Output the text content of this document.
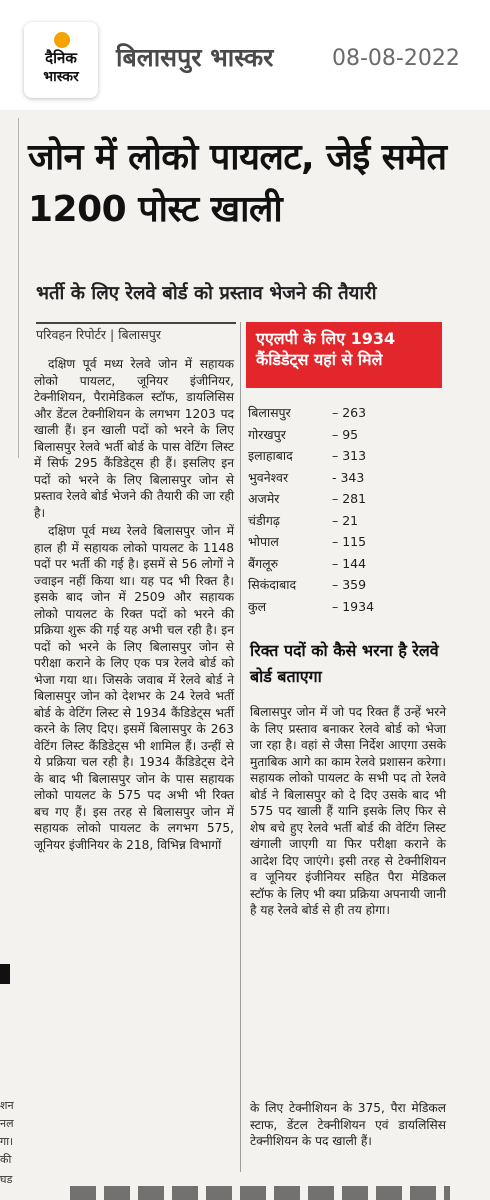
दैनिक
भास्कर
बिलासपुर भास्कर	08-08-2022
जोन में लोको पायलट, जेई समेत 1200 पोस्ट खाली
भर्ती के लिए रेलवे बोर्ड को प्रस्ताव भेजने की तैयारी
परिवहन रिपोर्टर | बिलासपुर

दक्षिण पूर्व मध्य रेलवे जोन में सहायक लोको पायलट, जूनियर इंजीनियर, टेक्नीशियन, पैरामेडिकल स्टॉफ, डायलिसिस और डेंटल टेक्नीशियन के लगभग 1203 पद खाली हैं। इन खाली पदों को भरने के लिए बिलासपुर रेलवे भर्ती बोर्ड के पास वेटिंग लिस्ट में सिर्फ 295 कैंडिडेट्स ही हैं। इसलिए इन पदों को भरने के लिए बिलासपुर जोन से प्रस्ताव रेलवे बोर्ड भेजने की तैयारी की जा रही है।

दक्षिण पूर्व मध्य रेलवे बिलासपुर जोन में हाल ही में सहायक लोको पायलट के 1148 पदों पर भर्ती की गई है। इसमें से 56 लोगों ने ज्वाइन नहीं किया था। यह पद भी रिक्त है। इसके बाद जोन में 2509 और सहायक लोको पायलट के रिक्त पदों को भरने की प्रक्रिया शुरू की गई यह अभी चल रही है। इन पदों को भरने के लिए बिलासपुर जोन से परीक्षा कराने के लिए एक पत्र रेलवे बोर्ड को भेजा गया था। जिसके जवाब में रेलवे बोर्ड ने बिलासपुर जोन को देशभर के 24 रेलवे भर्ती बोर्ड के वेटिंग लिस्ट से 1934 कैंडिडेट्स भर्ती करने के लिए दिए। इसमें बिलासपुर के 263 वेटिंग लिस्ट कैंडिडेट्स भी शामिल हैं। उन्हीं से ये प्रक्रिया चल रही है। 1934 कैंडिडेट्स देने के बाद भी बिलासपुर जोन के पास सहायक लोको पायलट के 575 पद अभी भी रिक्त बच गए हैं। इस तरह से बिलासपुर जोन में सहायक लोको पायलट के लगभग 575, जूनियर इंजीनियर के 218, विभिन्न विभागों

एएलपी के लिए 1934 कैंडिडेट्स यहां से मिले
बिलासपुर	– 263
गोरखपुर	– 95
इलाहाबाद	– 313
भुवनेश्वर	- 343
अजमेर	– 281
चंडीगढ़	– 21
भोपाल	– 115
बैंगलूरु	– 144
सिकंदाबाद	– 359
कुल	– 1934
रिक्त पदों को कैसे भरना है रेलवे बोर्ड बताएगा
बिलासपुर जोन में जो पद रिक्त हैं उन्हें भरने के लिए प्रस्ताव बनाकर रेलवे बोर्ड को भेजा जा रहा है। वहां से जैसा निर्देश आएगा उसके मुताबिक आगे का काम रेलवे प्रशासन करेगा। सहायक लोको पायलट के सभी पद तो रेलवे बोर्ड ने बिलासपुर को दे दिए उसके बाद भी 575 पद खाली हैं यानि इसके लिए फिर से शेष बचे हुए रेलवे भर्ती बोर्ड की वेटिंग लिस्ट खंगाली जाएगी या फिर परीक्षा कराने के आदेश दिए जाएंगे। इसी तरह से टेक्नीशियन व जूनियर इंजीनियर सहित पैरा मेडिकल स्टॉफ के लिए भी क्या प्रक्रिया अपनायी जानी है यह रेलवे बोर्ड से ही तय होगा।
के लिए टेक्नीशियन के 375, पैरा मेडिकल स्टाफ, डेंटल टेक्नीशियन एवं डायलिसिस टेक्नीशियन के पद खाली हैं।
शन
नल
गा।
की
घड
